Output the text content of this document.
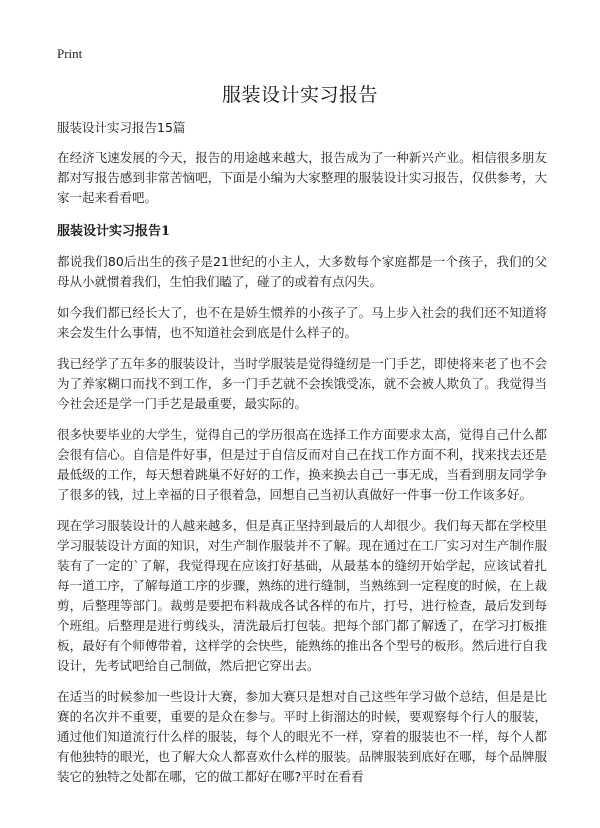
Print
服装设计实习报告

服装设计实习报告15篇

在经济飞速发展的今天，报告的用途越来越大，报告成为了一种新兴产业。相信很多朋友都对写报告感到非常苦恼吧，下面是小编为大家整理的服装设计实习报告，仅供参考，大家一起来看看吧。

服装设计实习报告1

都说我们80后出生的孩子是21世纪的小主人，大多数每个家庭都是一个孩子，我们的父母从小就惯着我们，生怕我们瞌了，碰了的或着有点闪失。

如今我们都已经长大了，也不在是娇生惯养的小孩子了。马上步入社会的我们还不知道将来会发生什么事情，也不知道社会到底是什么样子的。

我已经学了五年多的服装设计，当时学服装是觉得缝纫是一门手艺，即使将来老了也不会为了养家糊口而找不到工作，多一门手艺就不会挨饿受冻，就不会被人欺负了。我觉得当今社会还是学一门手艺是最重要，最实际的。

很多快要毕业的大学生，觉得自己的学历很高在选择工作方面要求太高，觉得自己什么都会很有信心。自信是件好事，但是过于自信反而对自己在找工作方面不利，找来找去还是最低级的工作，每天想着跳巢不好好的工作，换来换去自己一事无成，当看到朋友同学争了很多的钱，过上幸福的日子很着急，回想自己当初认真做好一件事一份工作该多好。

现在学习服装设计的人越来越多，但是真正坚持到最后的人却很少。我们每天都在学校里学习服装设计方面的知识，对生产制作服装并不了解。现在通过在工厂实习对生产制作服装有了一定的`了解，我觉得现在应该打好基础，从最基本的缝纫开始学起，应该试着扎每一道工序，了解每道工序的步骤，熟练的进行缝制，当熟练到一定程度的时候，在上裁剪，后整理等部门。裁剪是要把布料裁成各试各样的布片，打号，进行检查，最后发到每个班组。后整理是进行剪线头，清洗最后打包装。把每个部门都了解透了，在学习打板推板，最好有个师傅带着，这样学的会快些，能熟练的推出各个型号的板形。然后进行自我设计，先考试吧给自己制做，然后把它穿出去。

在适当的时候参加一些设计大赛，参加大赛只是想对自己这些年学习做个总结，但是是比赛的名次并不重要，重要的是众在参与。平时上街溜达的时候，要观察每个行人的服装，通过他们知道流行什么样的服装，每个人的眼光不一样，穿着的服装也不一样，每个人都有他独特的眼光，也了解大众人都喜欢什么样的服装。品牌服装到底好在哪，每个品牌服装它的独特之处都在哪，它的做工都好在哪?平时在看看
